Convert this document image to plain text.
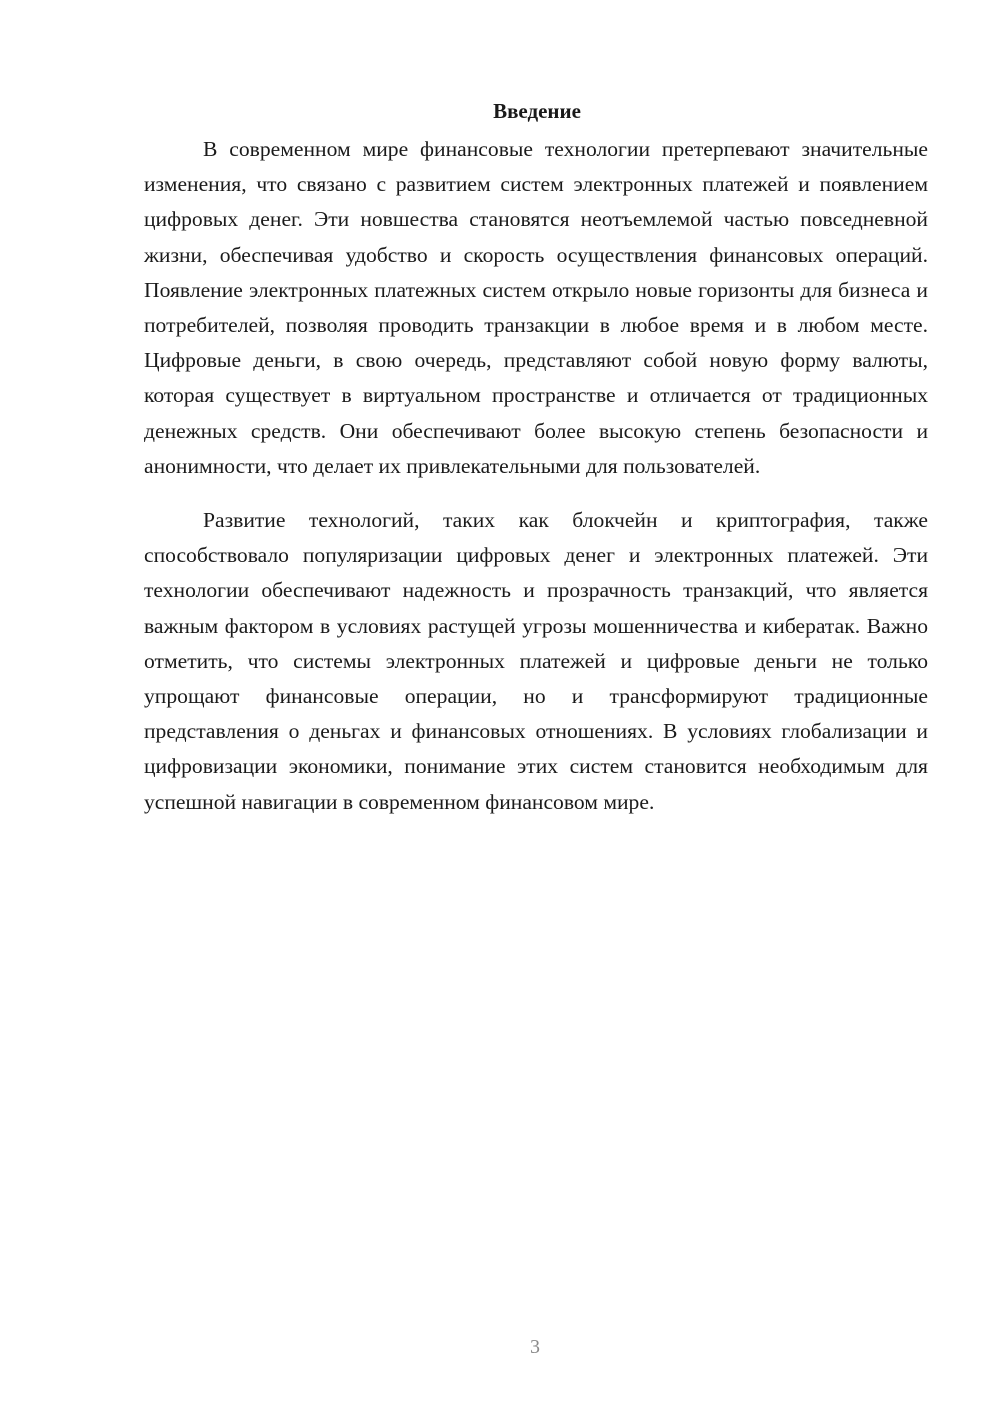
Введение

В современном мире финансовые технологии претерпевают значительные изменения, что связано с развитием систем электронных платежей и появлением цифровых денег. Эти новшества становятся неотъемлемой частью повседневной жизни, обеспечивая удобство и скорость осуществления финансовых операций. Появление электронных платежных систем открыло новые горизонты для бизнеса и потребителей, позволяя проводить транзакции в любое время и в любом месте. Цифровые деньги, в свою очередь, представляют собой новую форму валюты, которая существует в виртуальном пространстве и отличается от традиционных денежных средств. Они обеспечивают более высокую степень безопасности и анонимности, что делает их привлекательными для пользователей.

Развитие технологий, таких как блокчейн и криптография, также способствовало популяризации цифровых денег и электронных платежей. Эти технологии обеспечивают надежность и прозрачность транзакций, что является важным фактором в условиях растущей угрозы мошенничества и кибератак. Важно отметить, что системы электронных платежей и цифровые деньги не только упрощают финансовые операции, но и трансформируют традиционные представления о деньгах и финансовых отношениях. В условиях глобализации и цифровизации экономики, понимание этих систем становится необходимым для успешной навигации в современном финансовом мире.

3
